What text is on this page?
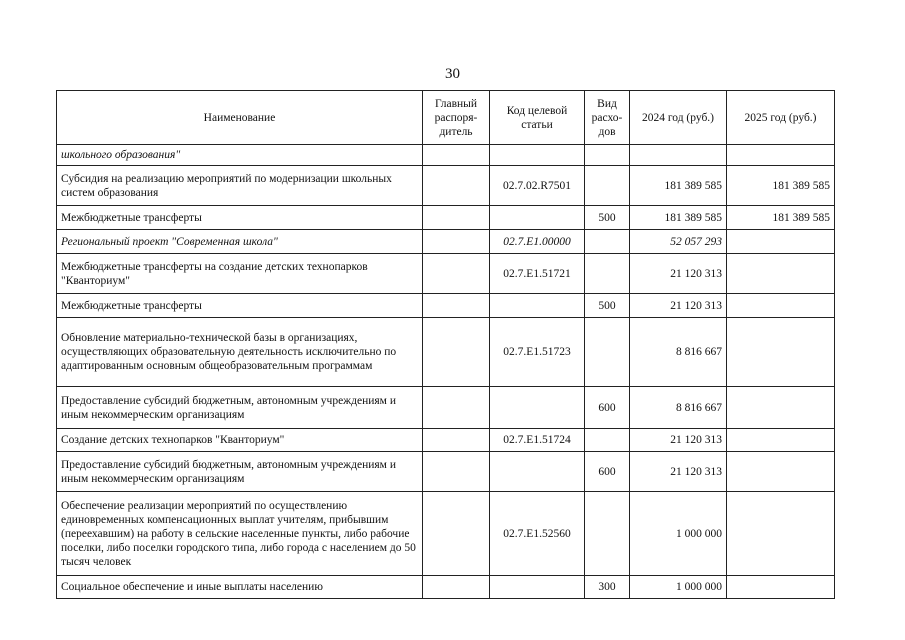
30
Наименование	Главный распоря-дитель	Код целевой статьи	Вид расхо-дов	2024 год (руб.)	2025 год (руб.)
школьного образования"					
Субсидия на реализацию мероприятий по модернизации школьных систем образования		02.7.02.R7501		181 389 585	181 389 585
Межбюджетные трансферты			500	181 389 585	181 389 585
Региональный проект "Современная школа"		02.7.E1.00000		52 057 293	
Межбюджетные трансферты на создание детских технопарков "Кванториум"		02.7.E1.51721		21 120 313	
Межбюджетные трансферты			500	21 120 313	
Обновление материально-технической базы в организациях, осуществляющих образовательную деятельность исключительно по адаптированным основным общеобразовательным программам		02.7.E1.51723		8 816 667	
Предоставление субсидий бюджетным, автономным учреждениям и иным некоммерческим организациям			600	8 816 667	
Создание детских технопарков "Кванториум"		02.7.E1.51724		21 120 313	
Предоставление субсидий бюджетным, автономным учреждениям и иным некоммерческим организациям			600	21 120 313	
Обеспечение реализации мероприятий по осуществлению единовременных компенсационных выплат учителям, прибывшим (переехавшим) на работу в сельские населенные пункты, либо рабочие поселки, либо поселки городского типа, либо города с населением до 50 тысяч человек		02.7.E1.52560		1 000 000	
Социальное обеспечение и иные выплаты населению			300	1 000 000	
